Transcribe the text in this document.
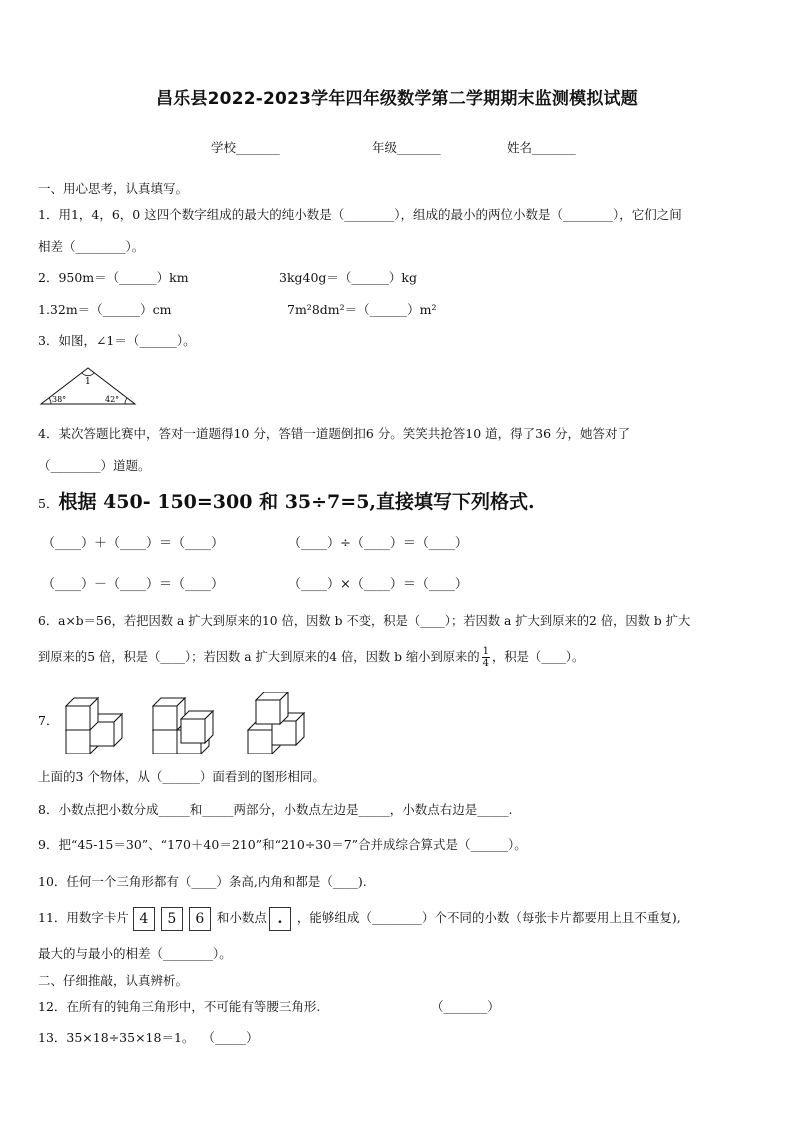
昌乐县2022-2023学年四年级数学第二学期期末监测模拟试题
学校_______	年级_______	姓名_______
一、用心思考，认真填写。
1．用1，4，6，0 这四个数字组成的最大的纯小数是（________），组成的最小的两位小数是（________），它们之间
相差（________）。
2．950m＝（______）km	3kg40g＝（______）kg
1.32m＝（______）cm	7m²8dm²＝（______）m²
3．如图，∠1＝（______）。
1
38°	42°
4．某次答题比赛中，答对一道题得10 分，答错一道题倒扣6 分。笑笑共抢答10 道，得了36 分，她答对了
（________）道题。
5．根据 450- 150=300 和 35÷7=5,直接填写下列格式.
（____）＋（____）＝（____）	（____）÷（____）＝（____）
（____）－（____）＝（____）	（____）×（____）＝（____）
6．a×b＝56，若把因数 a 扩大到原来的10 倍，因数 b 不变，积是（____）；若因数 a 扩大到原来的2 倍，因数 b 扩大
到原来的5 倍，积是（____）；若因数 a 扩大到原来的4 倍，因数 b 缩小到原来的 $\frac{1}{4}$ ，积是（____）。
7．
上面的3 个物体，从（______）面看到的图形相同。
8．小数点把小数分成_____和_____两部分，小数点左边是_____，小数点右边是_____.
9．把“45-15＝30”、“170＋40＝210”和“210÷30＝7”合并成综合算式是（______）。
10．任何一个三角形都有（____）条高,内角和都是（____).
11．用数字卡片 4 5 6 和小数点 . ，能够组成（________）个不同的小数（每张卡片都要用上且不重复),
最大的与最小的相差（________）。
二、仔细推敲，认真辨析。
12．在所有的钝角三角形中，不可能有等腰三角形.	（_______）
13．35×18÷35×18＝1。 （_____）
